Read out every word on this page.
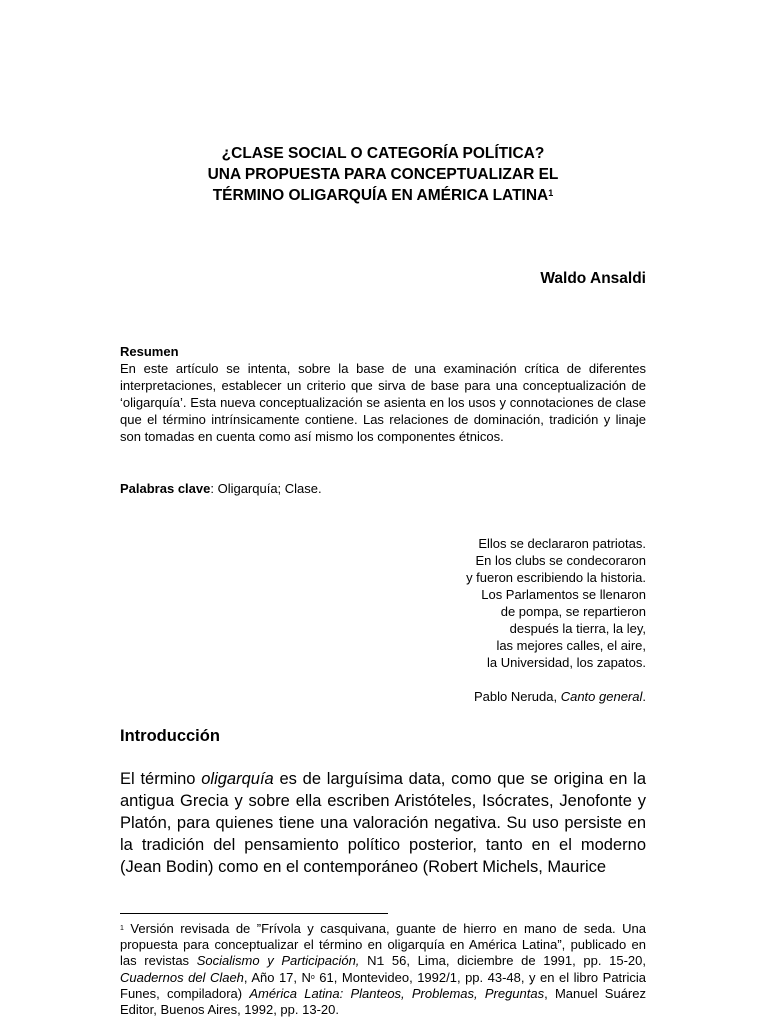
¿CLASE SOCIAL O CATEGORÍA POLÍTICA?
UNA PROPUESTA PARA CONCEPTUALIZAR EL
TÉRMINO OLIGARQUÍA EN AMÉRICA LATINA$^1$
Waldo Ansaldi
Resumen
En este artículo se intenta, sobre la base de una examinación crítica de diferentes interpretaciones, establecer un criterio que sirva de base para una conceptualización de ‘oligarquía’. Esta nueva conceptualización se asienta en los usos y connotaciones de clase que el término intrínsicamente contiene. Las relaciones de dominación, tradición y linaje son tomadas en cuenta como así mismo los componentes étnicos.
Palabras clave: Oligarquía; Clase.
Ellos se declararon patriotas.
En los clubs se condecoraron
y fueron escribiendo la historia.
Los Parlamentos se llenaron
de pompa, se repartieron
después la tierra, la ley,
las mejores calles, el aire,
la Universidad, los zapatos.
Pablo Neruda, Canto general.
Introducción
El término oligarquía es de larguísima data, como que se origina en la antigua Grecia y sobre ella escriben Aristóteles, Isócrates, Jenofonte y Platón, para quienes tiene una valoración negativa. Su uso persiste en la tradición del pensamiento político posterior, tanto en el moderno (Jean Bodin) como en el contemporáneo (Robert Michels, Maurice
$^1$ Versión revisada de ”Frívola y casquivana, guante de hierro en mano de seda. Una propuesta para conceptualizar el término en oligarquía en América Latina”, publicado en las revistas Socialismo y Participación, N1 56, Lima, diciembre de 1991, pp. 15-20, Cuadernos del Claeh, Año 17, $N^o$ 61, Montevideo, 1992/1, pp. 43-48, y en el libro Patricia Funes, compiladora) América Latina: Planteos, Problemas, Preguntas, Manuel Suárez Editor, Buenos Aires, 1992, pp. 13-20.
